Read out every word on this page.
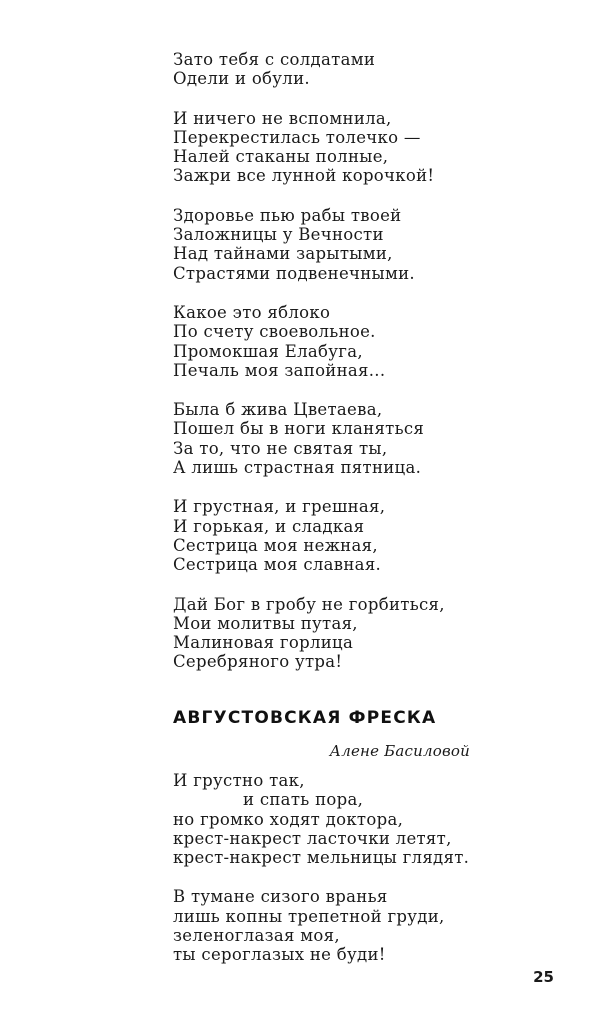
Зато тебя с солдатами
Одели и обули.
И ничего не вспомнила,
Перекрестилась толечко —
Налей стаканы полные,
Зажри все лунной корочкой!
Здоровье пью рабы твоей
Заложницы у Вечности
Над тайнами зарытыми,
Страстями подвенечными.
Какое это яблоко
По счету своевольное.
Промокшая Елабуга,
Печаль моя запойная...
Была б жива Цветаева,
Пошел бы в ноги кланяться
За то, что не святая ты,
А лишь страстная пятница.
И грустная, и грешная,
И горькая, и сладкая
Сестрица моя нежная,
Сестрица моя славная.
Дай Бог в гробу не горбиться,
Мои молитвы путая,
Малиновая горлица
Серебряного утра!
АВГУСТОВСКАЯ ФРЕСКА
Алене Басиловой
И грустно так,
и спать пора,
но громко ходят доктора,
крест-накрест ласточки летят,
крест-накрест мельницы глядят.
В тумане сизого вранья
лишь копны трепетной груди,
зеленоглазая моя,
ты сероглазых не буди!
25
